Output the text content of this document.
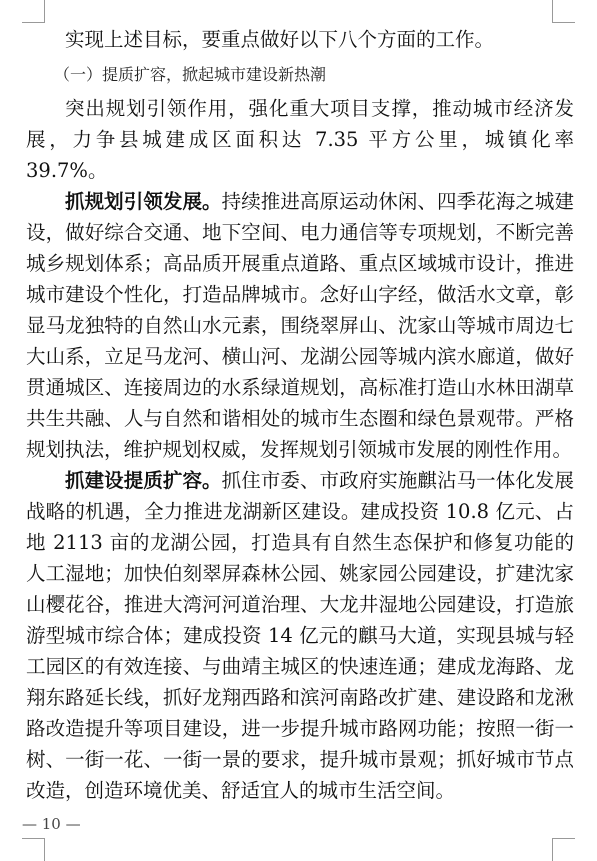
实现上述目标，要重点做好以下八个方面的工作。

（一）提质扩容，掀起城市建设新热潮

突出规划引领作用，强化重大项目支撑，推动城市经济发展，力争县城建成区面积达 7.35 平方公里，城镇化率 39.7%。

抓规划引领发展。持续推进高原运动休闲、四季花海之城建设，做好综合交通、地下空间、电力通信等专项规划，不断完善城乡规划体系；高品质开展重点道路、重点区域城市设计，推进城市建设个性化，打造品牌城市。念好山字经，做活水文章，彰显马龙独特的自然山水元素，围绕翠屏山、沈家山等城市周边七大山系，立足马龙河、横山河、龙湖公园等城内滨水廊道，做好贯通城区、连接周边的水系绿道规划，高标准打造山水林田湖草共生共融、人与自然和谐相处的城市生态圈和绿色景观带。严格规划执法，维护规划权威，发挥规划引领城市发展的刚性作用。

抓建设提质扩容。抓住市委、市政府实施麒沾马一体化发展战略的机遇，全力推进龙湖新区建设。建成投资 10.8 亿元、占地 2113 亩的龙湖公园，打造具有自然生态保护和修复功能的人工湿地；加快伯刻翠屏森林公园、姚家园公园建设，扩建沈家山樱花谷，推进大湾河河道治理、大龙井湿地公园建设，打造旅游型城市综合体；建成投资 14 亿元的麒马大道，实现县城与轻工园区的有效连接、与曲靖主城区的快速连通；建成龙海路、龙翔东路延长线，抓好龙翔西路和滨河南路改扩建、建设路和龙湫路改造提升等项目建设，进一步提升城市路网功能；按照一街一树、一街一花、一街一景的要求，提升城市景观；抓好城市节点改造，创造环境优美、舒适宜人的城市生活空间。

— 10 —
